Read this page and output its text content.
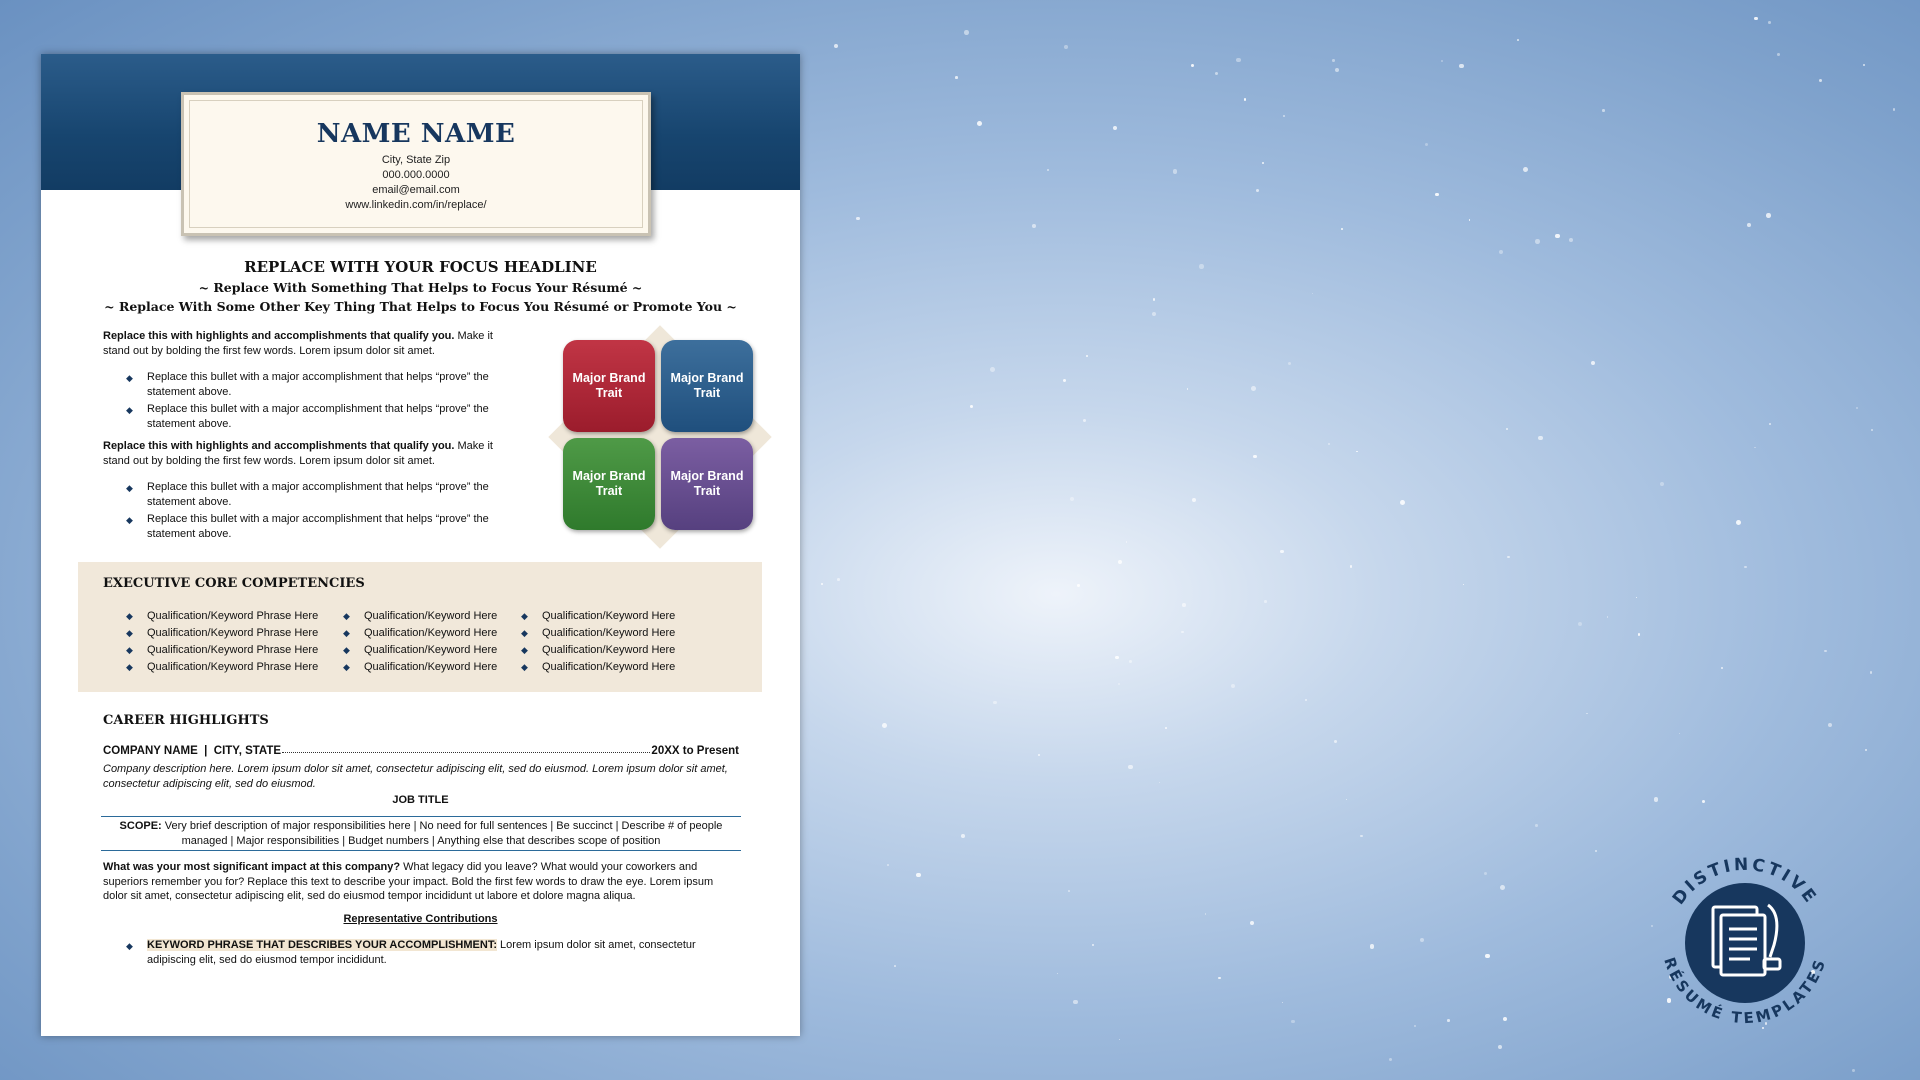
NAME NAME
City, State Zip
000.000.0000
email@email.com
www.linkedin.com/in/replace/
REPLACE WITH YOUR FOCUS HEADLINE
~ Replace With Something That Helps to Focus Your Résumé ~
~ Replace With Some Other Key Thing That Helps to Focus You Résumé or Promote You ~
Replace this with highlights and accomplishments that qualify you. Make it stand out by bolding the first few words. Lorem ipsum dolor sit amet.
◆ Replace this bullet with a major accomplishment that helps “prove” the statement above.
◆ Replace this bullet with a major accomplishment that helps “prove” the statement above.
Replace this with highlights and accomplishments that qualify you. Make it stand out by bolding the first few words. Lorem ipsum dolor sit amet.
◆ Replace this bullet with a major accomplishment that helps “prove” the statement above.
◆ Replace this bullet with a major accomplishment that helps “prove” the statement above.
Major Brand Trait
Major Brand Trait
Major Brand Trait
Major Brand Trait
EXECUTIVE CORE COMPETENCIES
◆ Qualification/Keyword Phrase Here
◆ Qualification/Keyword Phrase Here
◆ Qualification/Keyword Phrase Here
◆ Qualification/Keyword Phrase Here
◆ Qualification/Keyword Here
◆ Qualification/Keyword Here
◆ Qualification/Keyword Here
◆ Qualification/Keyword Here
◆ Qualification/Keyword Here
◆ Qualification/Keyword Here
◆ Qualification/Keyword Here
◆ Qualification/Keyword Here
CAREER HIGHLIGHTS
COMPANY NAME  |  CITY, STATE	20XX to Present
Company description here. Lorem ipsum dolor sit amet, consectetur adipiscing elit, sed do eiusmod. Lorem ipsum dolor sit amet, consectetur adipiscing elit, sed do eiusmod.
JOB TITLE
SCOPE: Very brief description of major responsibilities here | No need for full sentences | Be succinct | Describe # of people managed | Major responsibilities | Budget numbers | Anything else that describes scope of position
What was your most significant impact at this company? What legacy did you leave? What would your coworkers and superiors remember you for? Replace this text to describe your impact. Bold the first few words to draw the eye. Lorem ipsum dolor sit amet, consectetur adipiscing elit, sed do eiusmod tempor incididunt ut labore et dolore magna aliqua.
Representative Contributions
◆ KEYWORD PHRASE THAT DESCRIBES YOUR ACCOMPLISHMENT: Lorem ipsum dolor sit amet, consectetur adipiscing elit, sed do eiusmod tempor incididunt.
DISTINCTIVE
RÉSUMÉ TEMPLATES
